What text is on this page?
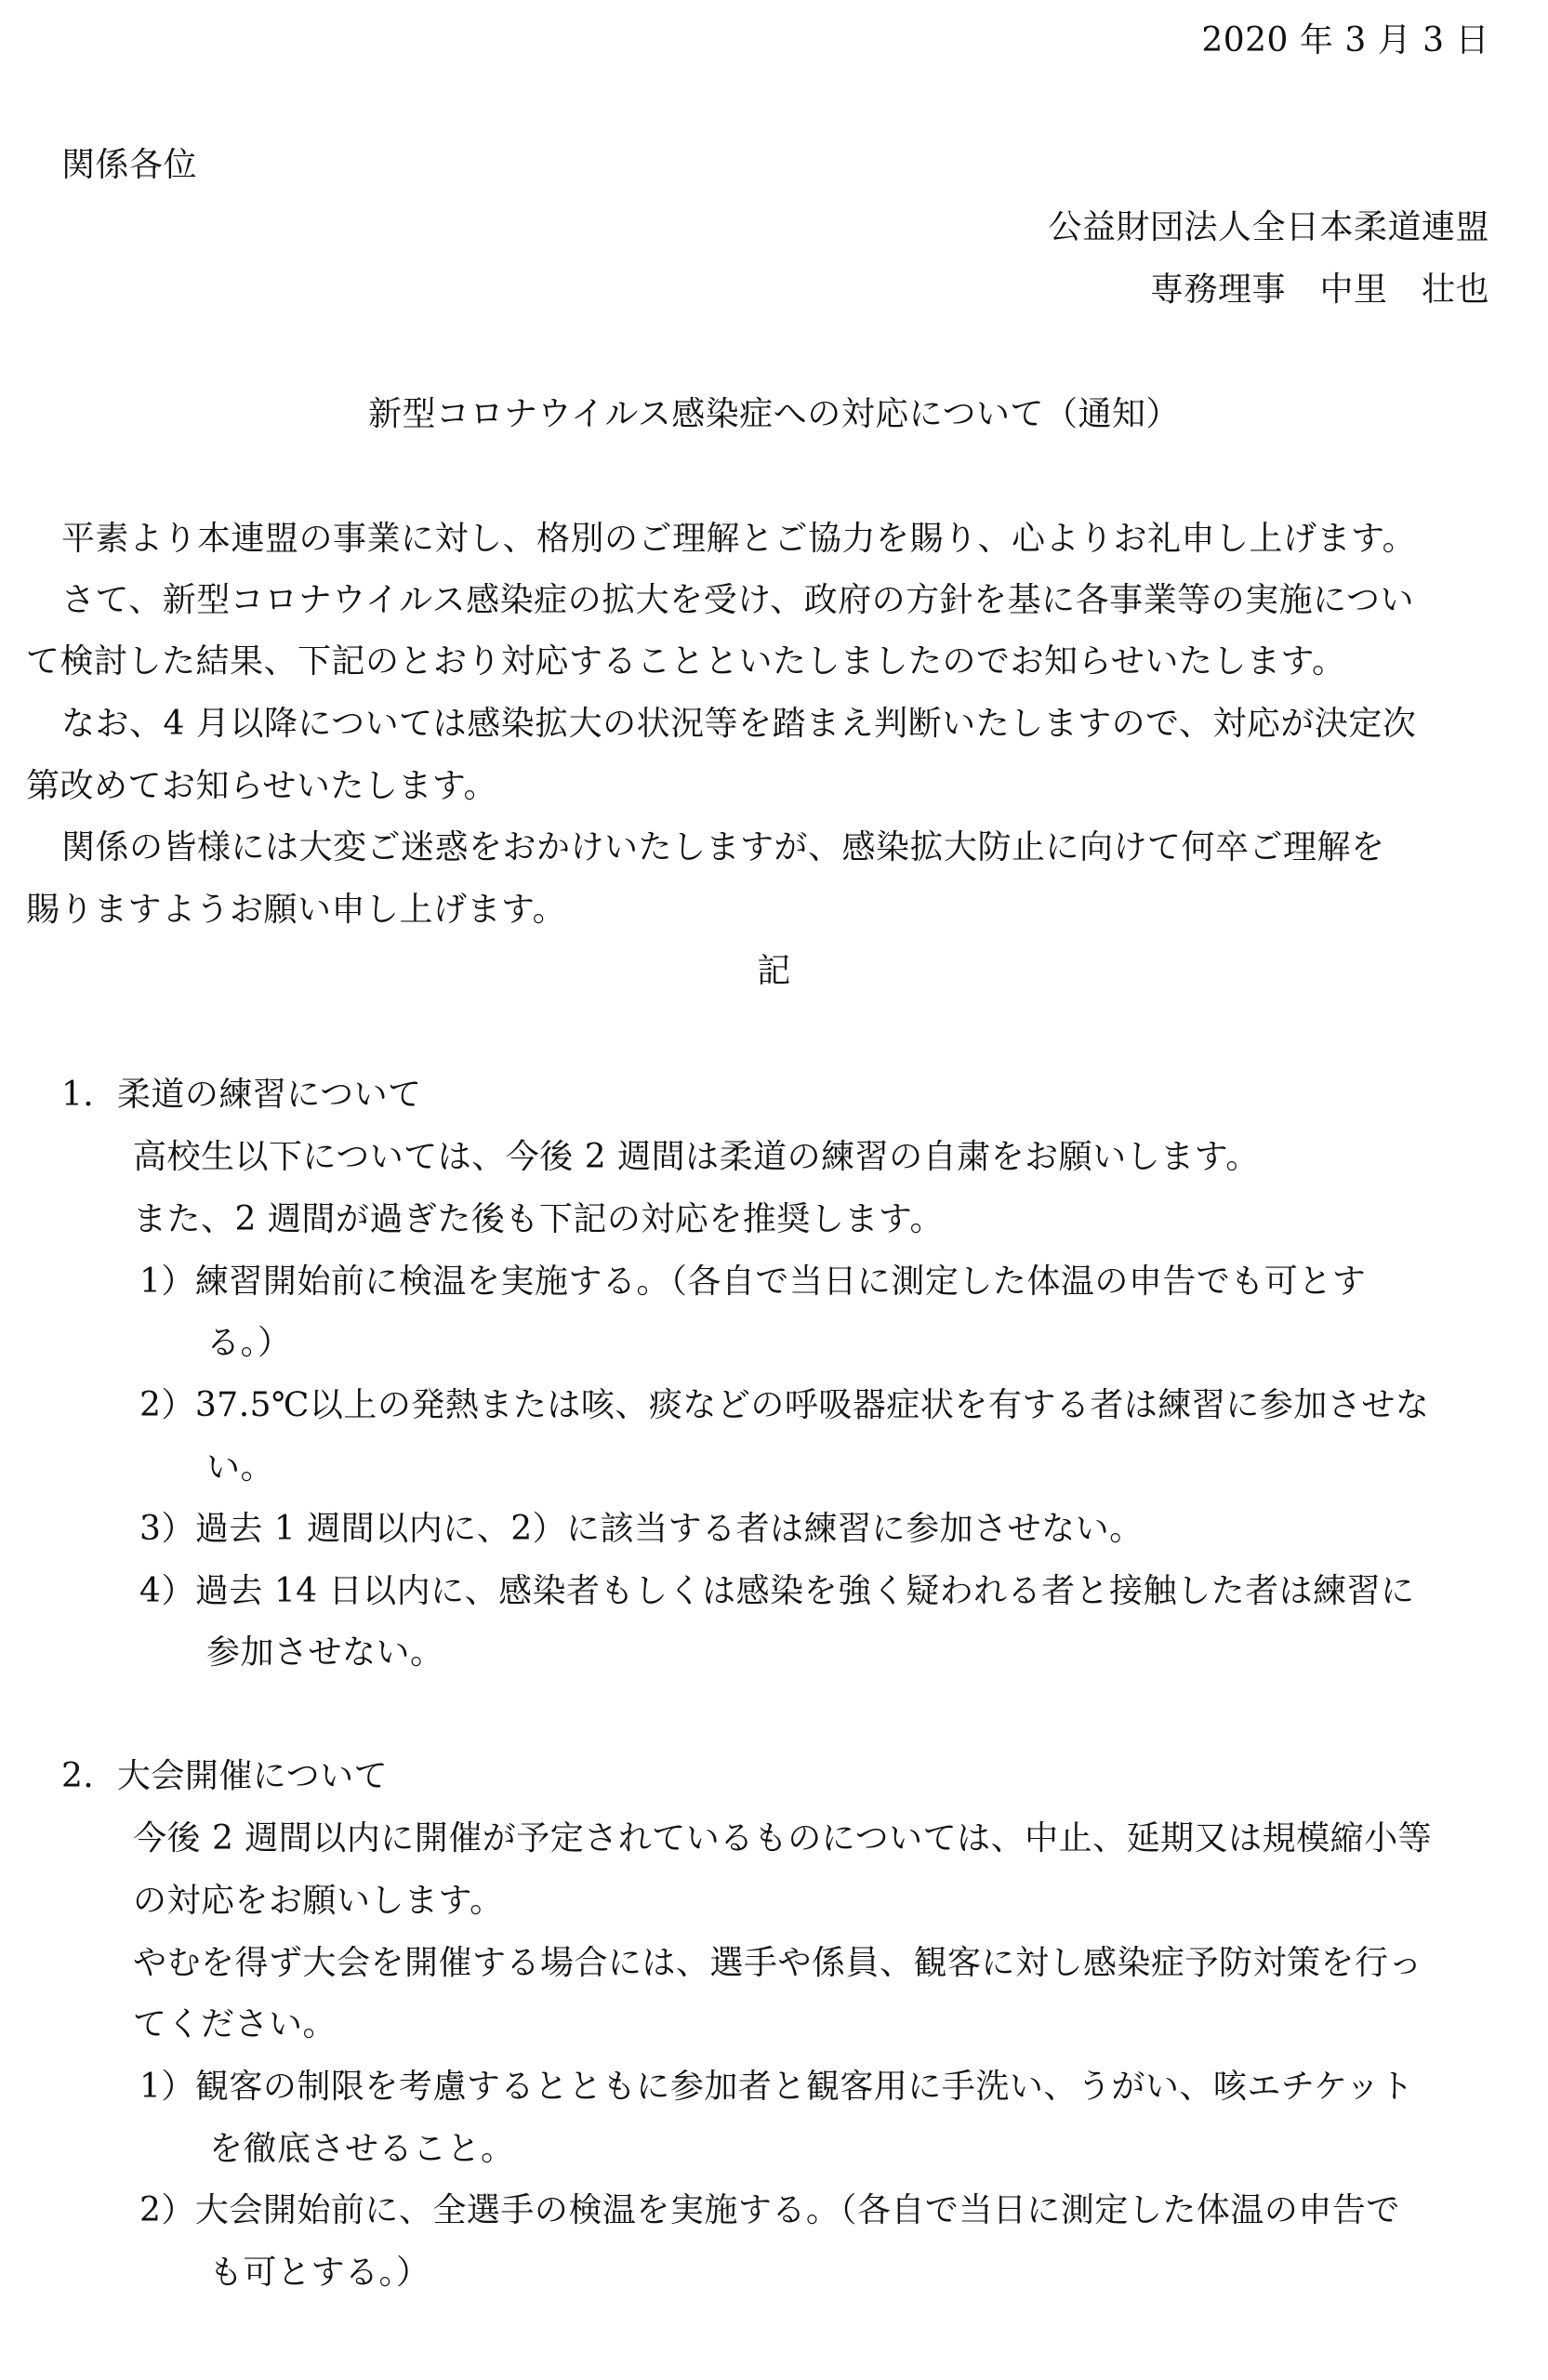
2020 年 3 月 3 日
関係各位
公益財団法人全日本柔道連盟
専務理事　中里　壮也
新型コロナウイルス感染症への対応について（通知）
平素より本連盟の事業に対し、格別のご理解とご協力を賜り、心よりお礼申し上げます。
さて、新型コロナウイルス感染症の拡大を受け、政府の方針を基に各事業等の実施につい
て検討した結果、下記のとおり対応することといたしましたのでお知らせいたします。
なお、4 月以降については感染拡大の状況等を踏まえ判断いたしますので、対応が決定次
第改めてお知らせいたします。
関係の皆様には大変ご迷惑をおかけいたしますが、感染拡大防止に向けて何卒ご理解を
賜りますようお願い申し上げます。
記
1．柔道の練習について
高校生以下については、今後 2 週間は柔道の練習の自粛をお願いします。
また、2 週間が過ぎた後も下記の対応を推奨します。
1）練習開始前に検温を実施する。（各自で当日に測定した体温の申告でも可とす
る。）
2）37.5℃以上の発熱または咳、痰などの呼吸器症状を有する者は練習に参加させな
い。
3）過去 1 週間以内に、2）に該当する者は練習に参加させない。
4）過去 14 日以内に、感染者もしくは感染を強く疑われる者と接触した者は練習に
参加させない。
2．大会開催について
今後 2 週間以内に開催が予定されているものについては、中止、延期又は規模縮小等
の対応をお願いします。
やむを得ず大会を開催する場合には、選手や係員、観客に対し感染症予防対策を行っ
てください。
1）観客の制限を考慮するとともに参加者と観客用に手洗い、うがい、咳エチケット
を徹底させること。
2）大会開始前に、全選手の検温を実施する。（各自で当日に測定した体温の申告で
も可とする。）
